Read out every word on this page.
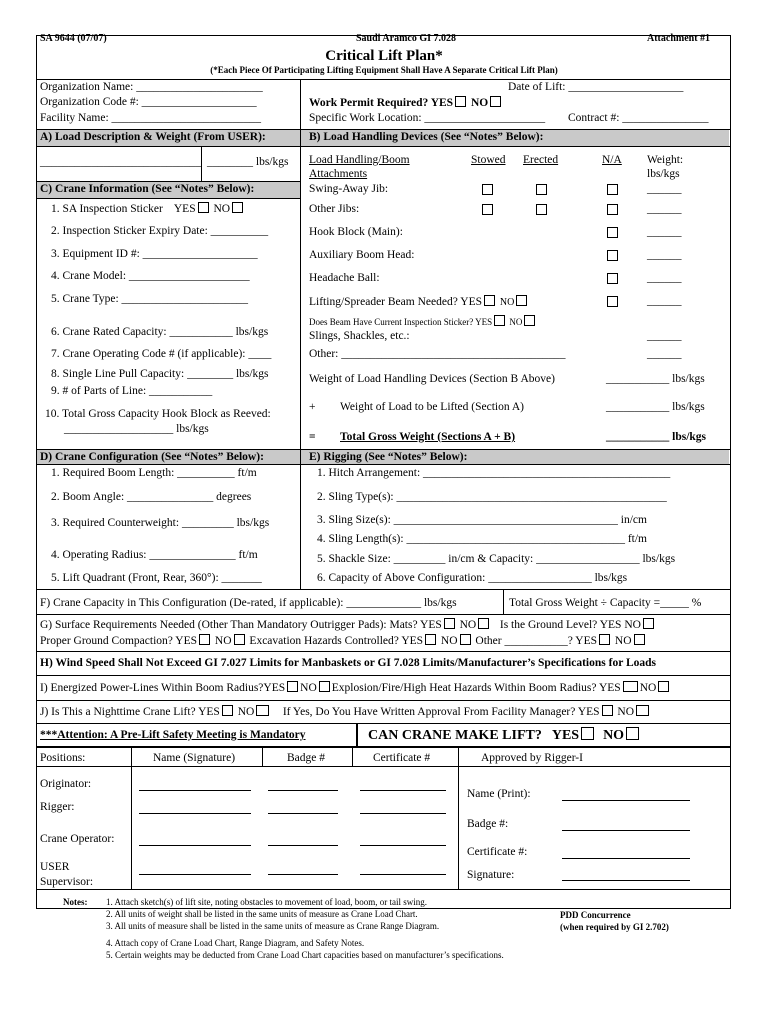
SA 9644 (07/07)	Saudi Aramco GI 7.028	Attachment #1
Critical Lift Plan*
(*Each Piece Of Participating Lifting Equipment Shall Have A Separate Critical Lift Plan)
Organization Name: ______________________
Organization Code #: ____________________
Facility Name: __________________________
Date of Lift: ____________________
Work Permit Required? YES NO
Specific Work Location: _____________________ Contract #: _______________
A) Load Description & Weight (From USER):
____________________________ ________ lbs/kgs
B) Load Handling Devices (See “Notes” Below):
Load Handling/Boom
Attachments
Stowed Erected	N/A Weight:
lbs/kgs
Swing-Away Jib:	______
Other Jibs:	______
Hook Block (Main):	______
Auxiliary Boom Head:	______
Headache Ball:	______
Lifting/Spreader Beam Needed? YES NO	______
Does Beam Have Current Inspection Sticker? YES NO
Slings, Shackles, etc.:	______
Other: _______________________________________	______
Weight of Load Handling Devices (Section B Above)	___________ lbs/kgs
+ Weight of Load to be Lifted (Section A)	___________ lbs/kgs
= Total Gross Weight (Sections A + B)	___________ lbs/kgs
C) Crane Information (See “Notes” Below):
1. SA Inspection Sticker YES NO
2. Inspection Sticker Expiry Date: __________
3. Equipment ID #: ____________________
4. Crane Model: _____________________
5. Crane Type: ______________________
6. Crane Rated Capacity: ___________ lbs/kgs
7. Crane Operating Code # (if applicable): ____
8. Single Line Pull Capacity: ________ lbs/kgs
9. # of Parts of Line: ___________
10. Total Gross Capacity Hook Block as Reeved:
___________________ lbs/kgs
D) Crane Configuration (See “Notes” Below):
1. Required Boom Length: __________ ft/m
2. Boom Angle: _______________ degrees
3. Required Counterweight: _________ lbs/kgs
4. Operating Radius: _______________ ft/m
5. Lift Quadrant (Front, Rear, 360°): _______
E) Rigging (See “Notes” Below):
1. Hitch Arrangement: ___________________________________________
2. Sling Type(s): _______________________________________________
3. Sling Size(s): _______________________________________ in/cm
4. Sling Length(s): ______________________________________ ft/m
5. Shackle Size: _________ in/cm & Capacity: __________________ lbs/kgs
6. Capacity of Above Configuration: __________________ lbs/kgs
F) Crane Capacity in This Configuration (De-rated, if applicable): _____________ lbs/kgs	Total Gross Weight ÷ Capacity =_____ %
G) Surface Requirements Needed (Other Than Mandatory Outrigger Pads): Mats? YES NO Is the Ground Level? YES NO
Proper Ground Compaction? YES NO Excavation Hazards Controlled? YES NO Other ___________? YES NO
H) Wind Speed Shall Not Exceed GI 7.027 Limits for Manbaskets or GI 7.028 Limits/Manufacturer’s Specifications for Loads
I) Energized Power-Lines Within Boom Radius?YES NO Explosion/Fire/High Heat Hazards Within Boom Radius? YES NO
J) Is This a Nighttime Crane Lift? YES NO If Yes, Do You Have Written Approval From Facility Manager? YES NO
***Attention: A Pre-Lift Safety Meeting is Mandatory	CAN CRANE MAKE LIFT? YES NO
Positions:	Name (Signature)	Badge #	Certificate #	Approved by Rigger-I
Originator:
Rigger:
Crane Operator:
USER
Supervisor:
Name (Print):
Badge #:
Certificate #:
Signature:
Notes: 1. Attach sketch(s) of lift site, noting obstacles to movement of load, boom, or tail swing.
2. All units of weight shall be listed in the same units of measure as Crane Load Chart.
3. All units of measure shall be listed in the same units of measure as Crane Range Diagram.
4. Attach copy of Crane Load Chart, Range Diagram, and Safety Notes.
5. Certain weights may be deducted from Crane Load Chart capacities based on manufacturer’s specifications.
PDD Concurrence
(when required by GI 2.702)
